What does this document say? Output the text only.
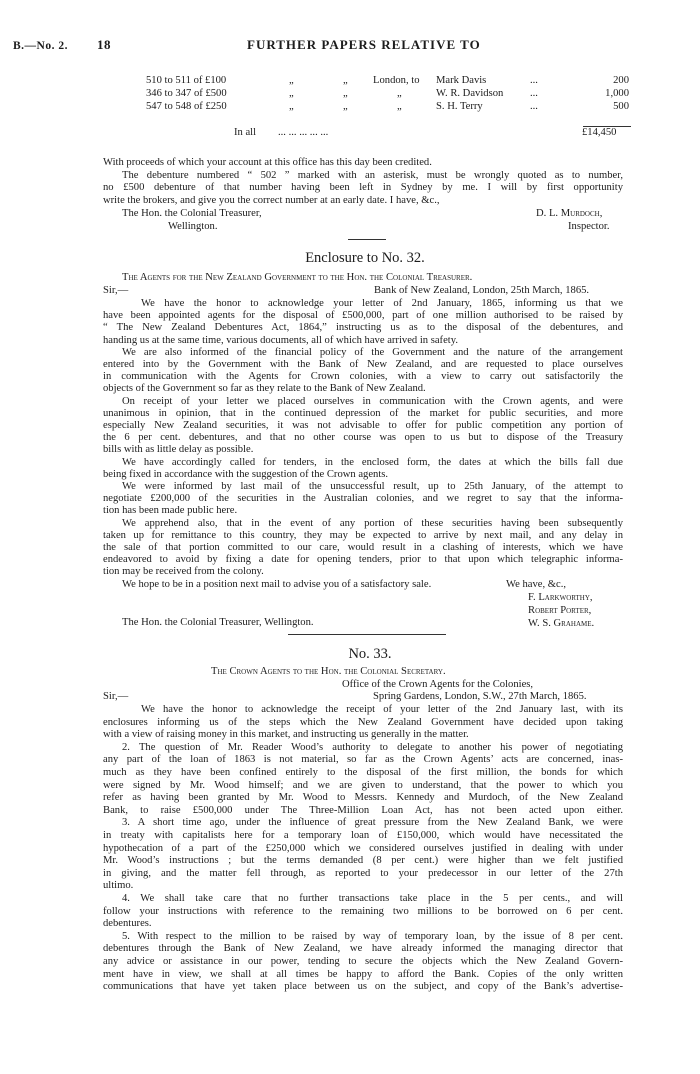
B.—No. 2. 18	FURTHER PAPERS RELATIVE TO
510 to 511 of £100	„	„ London, to Mark Davis	...	200
346 to 347 of £500	„	„	„	W. R. Davidson	...	1,000
547 to 548 of £250	„	„	„	S. H. Terry	...	500
In all ... ... ... ... ...	£14,450
With proceeds of which your account at this office has this day been credited.
The debenture numbered “ 502 ” marked with an asterisk, must be wrongly quoted as to number,
no £500 debenture of that number having been left in Sydney by me. I will by first opportunity
write the brokers, and give you the correct number at an early date. I have, &c.,
The Hon. the Colonial Treasurer,	D. L. Murdoch,
Wellington.	Inspector.
Enclosure to No. 32.
The Agents for the New Zealand Government to the Hon. the Colonial Treasurer.
Sir,—	Bank of New Zealand, London, 25th March, 1865.
We have the honor to acknowledge your letter of 2nd January, 1865, informing us that we
have been appointed agents for the disposal of £500,000, part of one million authorised to be raised by
“ The New Zealand Debentures Act, 1864,” instructing us as to the disposal of the debentures, and
handing us at the same time, various documents, all of which have arrived in safety.
We are also informed of the financial policy of the Government and the nature of the arrangement
entered into by the Government with the Bank of New Zealand, and are requested to place ourselves
in communication with the Agents for Crown colonies, with a view to carry out satisfactorily the
objects of the Government so far as they relate to the Bank of New Zealand.
On receipt of your letter we placed ourselves in communication with the Crown agents, and were
unanimous in opinion, that in the continued depression of the market for public securities, and more
especially New Zealand securities, it was not advisable to offer for public competition any portion of
the 6 per cent. debentures, and that no other course was open to us but to dispose of the Treasury
bills with as little delay as possible.
We have accordingly called for tenders, in the enclosed form, the dates at which the bills fall due
being fixed in accordance with the suggestion of the Crown agents.
We were informed by last mail of the unsuccessful result, up to 25th January, of the attempt to
negotiate £200,000 of the securities in the Australian colonies, and we regret to say that the informa-
tion has been made public here.
We apprehend also, that in the event of any portion of these securities having been subsequently
taken up for remittance to this country, they may be expected to arrive by next mail, and any delay in
the sale of that portion committed to our care, would result in a clashing of interests, which we have
endeavored to avoid by fixing a date for opening tenders, prior to that upon which telegraphic informa-
tion may be received from the colony.
We hope to be in a position next mail to advise you of a satisfactory sale.	We have, &c.,
F. Larkworthy,
Robert Porter,
W. S. Grahame.
The Hon. the Colonial Treasurer, Wellington.
No. 33.
The Crown Agents to the Hon. the Colonial Secretary.
Office of the Crown Agents for the Colonies,
Sir,—	Spring Gardens, London, S.W., 27th March, 1865.
We have the honor to acknowledge the receipt of your letter of the 2nd January last, with its
enclosures informing us of the steps which the New Zealand Government have decided upon taking
with a view of raising money in this market, and instructing us generally in the matter.
2. The question of Mr. Reader Wood’s authority to delegate to another his power of negotiating
any part of the loan of 1863 is not material, so far as the Crown Agents’ acts are concerned, inas-
much as they have been confined entirely to the disposal of the first million, the bonds for which
were signed by Mr. Wood himself; and we are given to understand, that the power to which you
refer as having been granted by Mr. Wood to Messrs. Kennedy and Murdoch, of the New Zealand
Bank, to raise £500,000 under The Three-Million Loan Act, has not been acted upon either.
3. A short time ago, under the influence of great pressure from the New Zealand Bank, we were
in treaty with capitalists here for a temporary loan of £150,000, which would have necessitated the
hypothecation of a part of the £250,000 which we considered ourselves justified in dealing with under
Mr. Wood’s instructions ; but the terms demanded (8 per cent.) were higher than we felt justified
in giving, and the matter fell through, as reported to your predecessor in our letter of the 27th
ultimo.
4. We shall take care that no further transactions take place in the 5 per cents., and will
follow your instructions with reference to the remaining two millions to be borrowed on 6 per cent.
debentures.
5. With respect to the million to be raised by way of temporary loan, by the issue of 8 per cent.
debentures through the Bank of New Zealand, we have already informed the managing director that
any advice or assistance in our power, tending to secure the objects which the New Zealand Govern-
ment have in view, we shall at all times be happy to afford the Bank. Copies of the only written
communications that have yet taken place between us on the subject, and copy of the Bank’s advertise-
